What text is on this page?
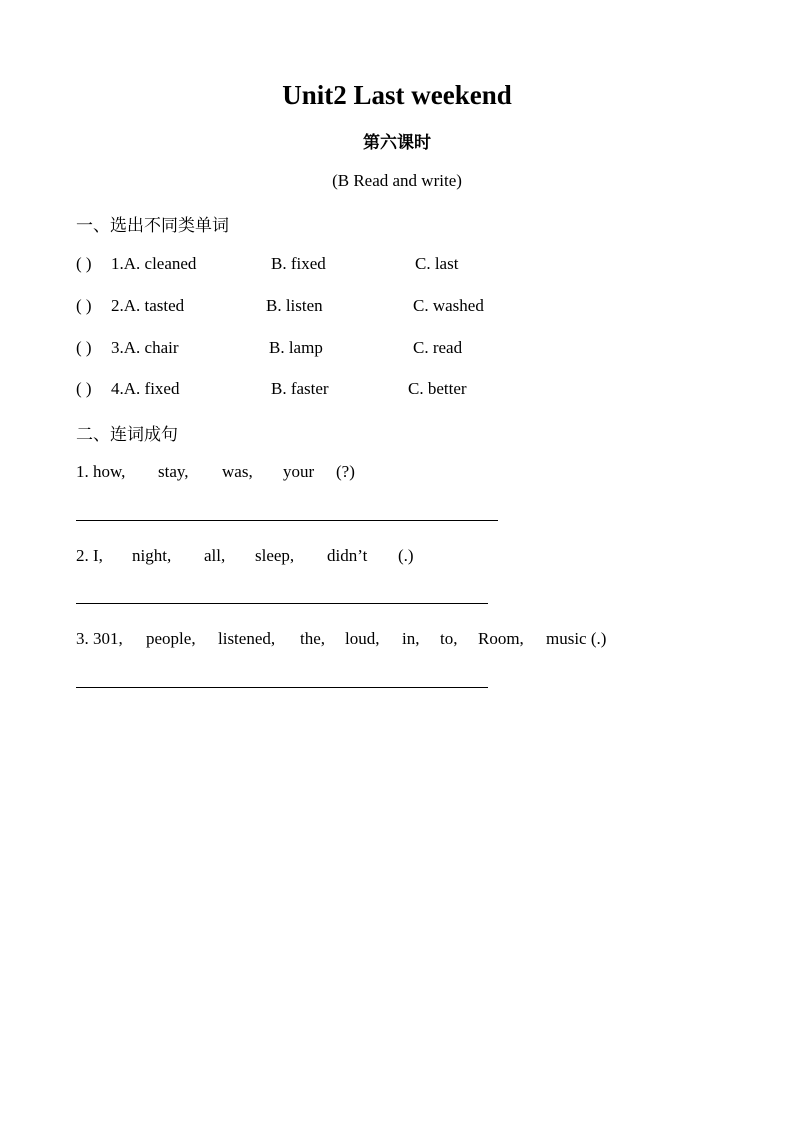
Unit2 Last weekend
第六课时
(B Read and write)
一、选出不同类单词
( ) 1.A. cleaned	B. fixed	C. last
( ) 2.A. tasted	B. listen	C. washed
( ) 3.A. chair	B. lamp	C. read
( ) 4.A. fixed	B. faster	C. better
二、连词成句
1. how, stay, was, your (?)
2. I, night, all, sleep, didn’t (.)
3. 301, people, listened, the, loud, in, to, Room, music (.)
